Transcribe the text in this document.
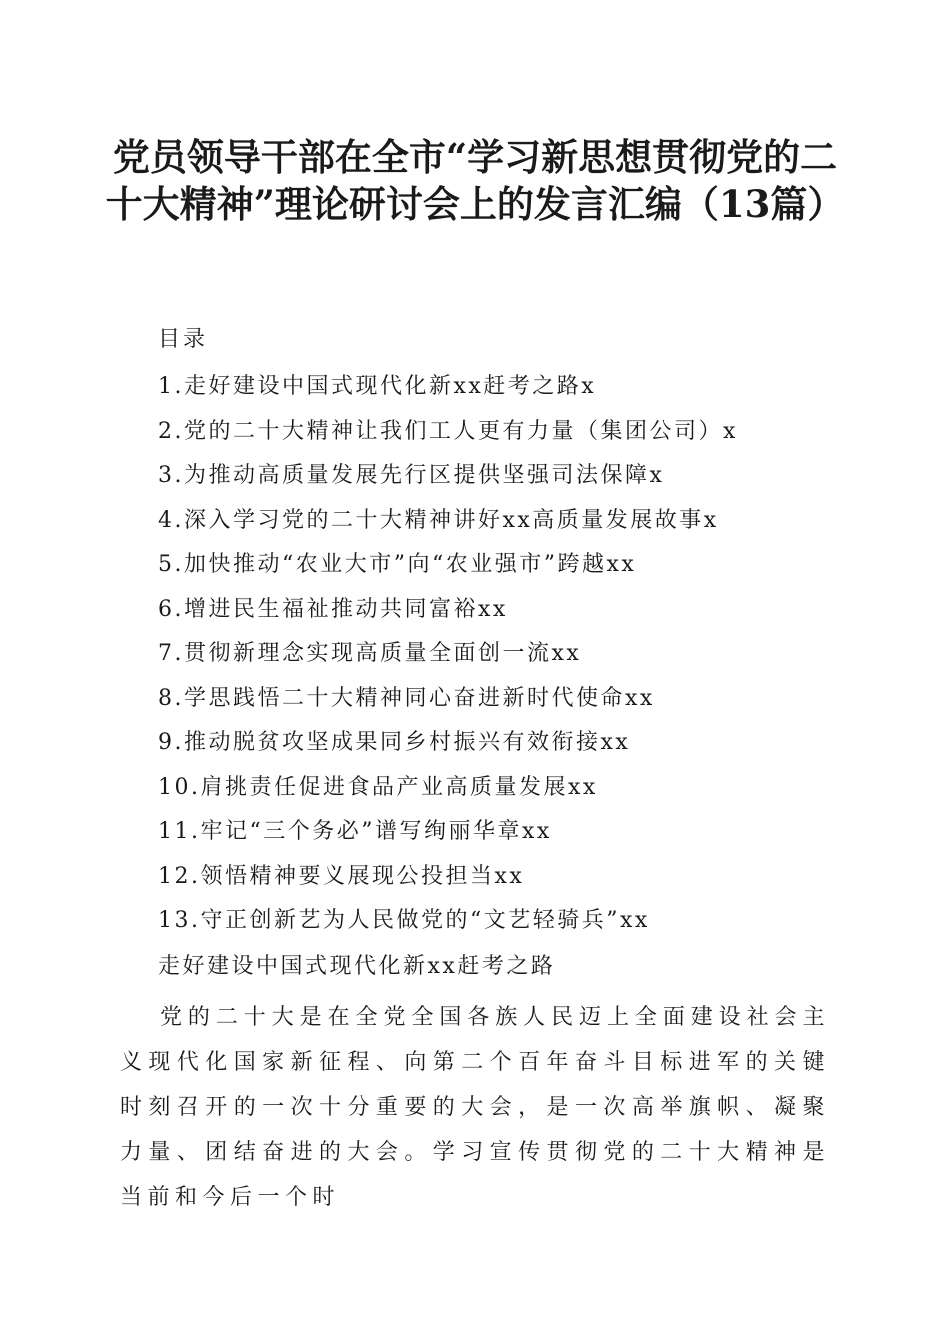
党员领导干部在全市“学习新思想贯彻党的二十大精神”理论研讨会上的发言汇编（13篇）

目录

1.走好建设中国式现代化新xx赶考之路x
2.党的二十大精神让我们工人更有力量（集团公司）x
3.为推动高质量发展先行区提供坚强司法保障x
4.深入学习党的二十大精神讲好xx高质量发展故事x
5.加快推动“农业大市”向“农业强市”跨越xx
6.增进民生福祉推动共同富裕xx
7.贯彻新理念实现高质量全面创一流xx
8.学思践悟二十大精神同心奋进新时代使命xx
9.推动脱贫攻坚成果同乡村振兴有效衔接xx
10.肩挑责任促进食品产业高质量发展xx
11.牢记“三个务必”谱写绚丽华章xx
12.领悟精神要义展现公投担当xx
13.守正创新艺为人民做党的“文艺轻骑兵”xx

走好建设中国式现代化新xx赶考之路

党的二十大是在全党全国各族人民迈上全面建设社会主义现代化国家新征程、向第二个百年奋斗目标进军的关键时刻召开的一次十分重要的大会，是一次高举旗帜、凝聚力量、团结奋进的大会。学习宣传贯彻党的二十大精神是当前和今后一个时
